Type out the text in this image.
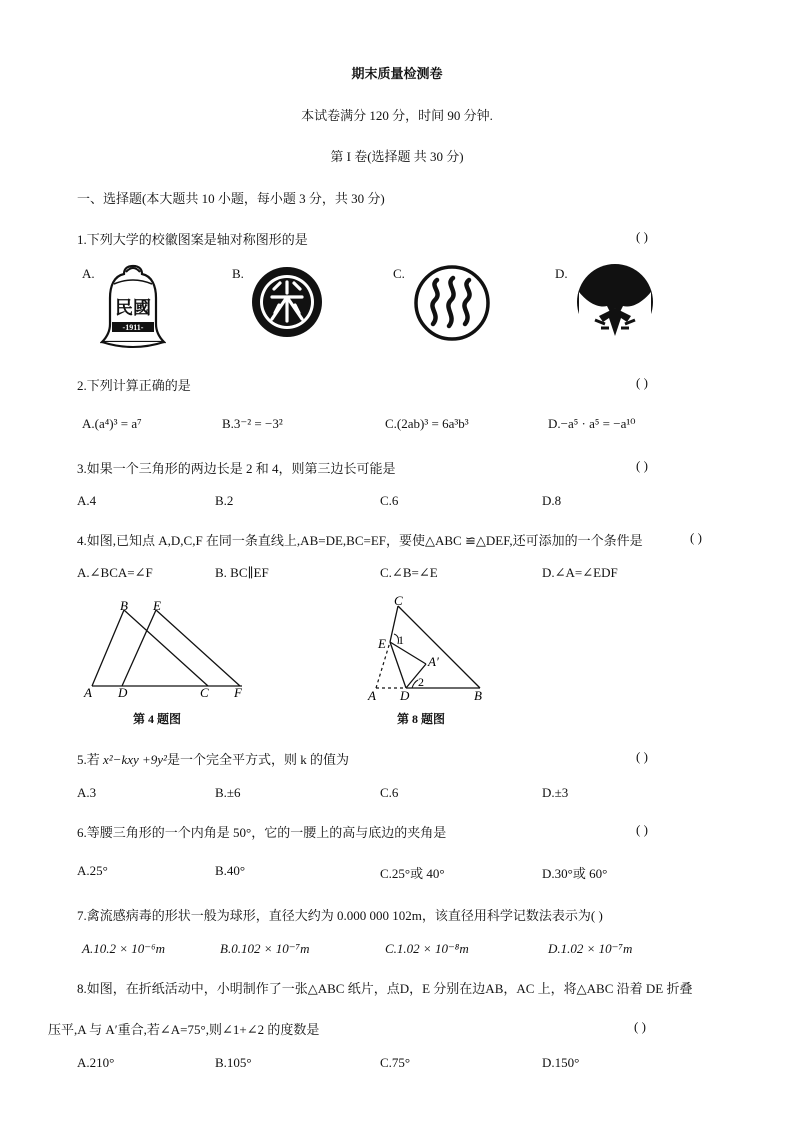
期末质量检测卷
本试卷满分 120 分，时间 90 分钟.
第 I 卷(选择题 共 30 分)
一、选择题(本大题共 10 小题，每小题 3 分，共 30 分)
1.下列大学的校徽图案是轴对称图形的是	( )
A.
民國
-1911-
B.	C.	D.
2.下列计算正确的是	( )
A.(a⁴)³ = a⁷	B.3⁻² = −3²	C.(2ab)³ = 6a³b³	D.−a⁵ · a⁵ = −a¹⁰
3.如果一个三角形的两边长是 2 和 4，则第三边长可能是	( )
A.4	B.2	C.6	D.8
4.如图,已知点 A,D,C,F 在同一条直线上,AB=DE,BC=EF，要使△ABC ≌△DEF,还可添加的一个条件是	( )
A.∠BCA=∠F	B. BC∥EF	C.∠B=∠E	D.∠A=∠EDF
A
B
C
D
E
F
第 4 题图
C
E 1
A′
2
A D	B
第 8 题图
5.若 x²−kxy +9y²是一个完全平方式，则 k 的值为	( )
A.3	B.±6	C.6	D.±3
6.等腰三角形的一个内角是 50°，它的一腰上的高与底边的夹角是	( )
A.25°	B.40°	C.25°或 40°	D.30°或 60°
7.禽流感病毒的形状一般为球形，直径大约为 0.000 000 102m，该直径用科学记数法表示为( )
A.10.2 × 10⁻⁶m	B.0.102 × 10⁻⁷m	C.1.02 × 10⁻⁸m	D.1.02 × 10⁻⁷m
8.如图，在折纸活动中，小明制作了一张△ABC 纸片，点D，E 分别在边AB，AC 上，将△ABC 沿着 DE 折叠
压平,A 与 A′重合,若∠A=75°,则∠1+∠2 的度数是	( )
A.210°	B.105°	C.75°	D.150°
